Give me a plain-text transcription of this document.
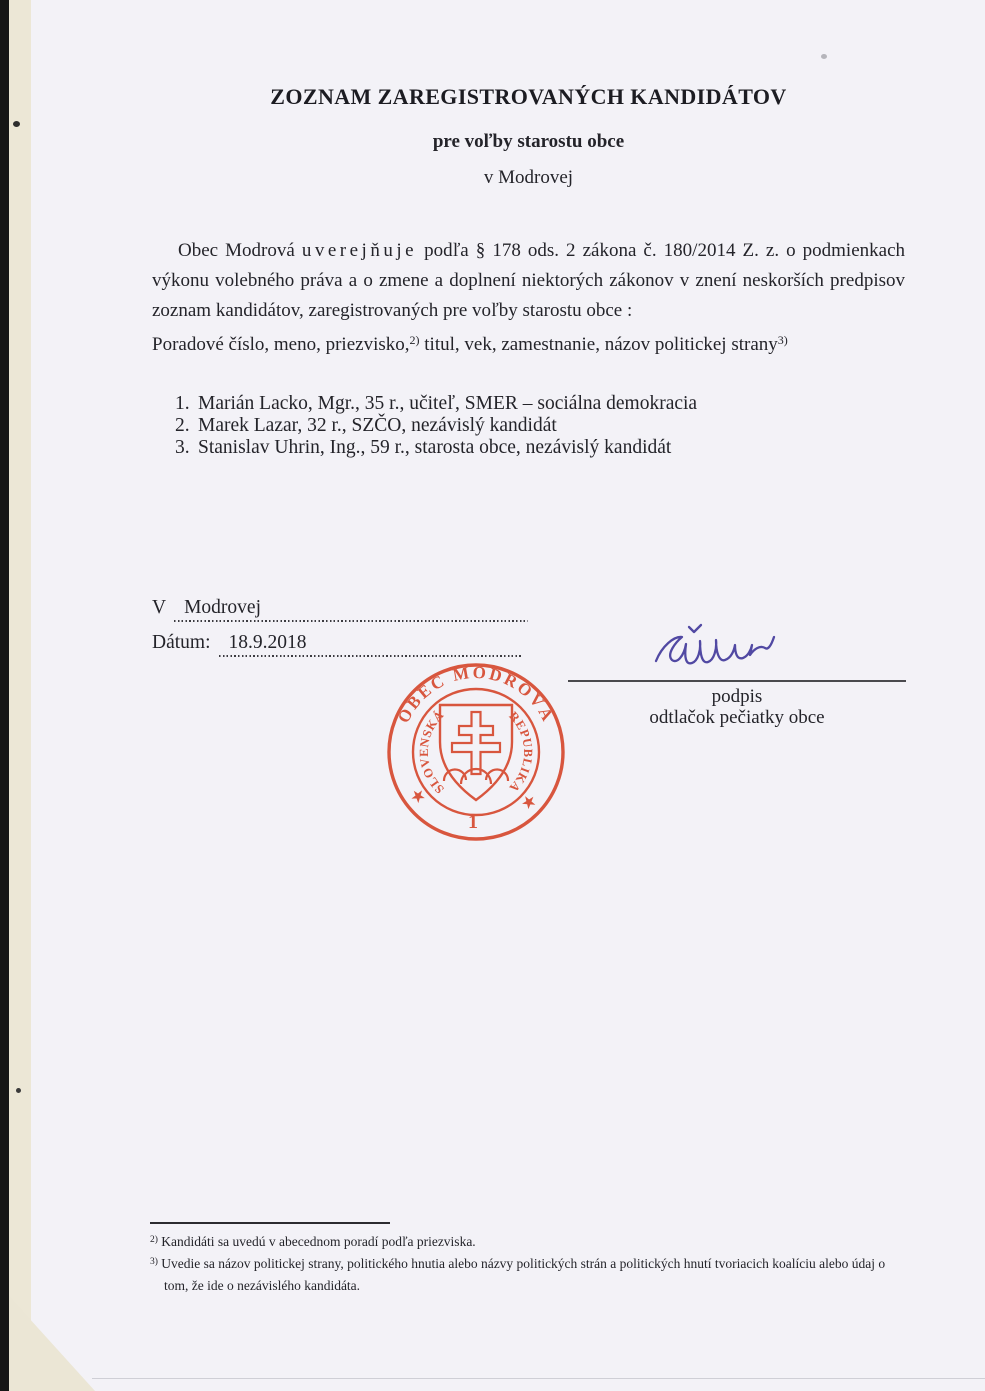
ZOZNAM ZAREGISTROVANÝCH KANDIDÁTOV
pre voľby starostu obce
v Modrovej
Obec Modrová uverejňuje podľa § 178 ods. 2 zákona č. 180/2014 Z. z. o podmienkach výkonu volebného práva a o zmene a doplnení niektorých zákonov v znení neskorších predpisov zoznam kandidátov, zaregistrovaných pre voľby starostu obce :
Poradové číslo, meno, priezvisko,$^{2)}$ titul, vek, zamestnanie, názov politickej strany$^{3)}$
1. Marián Lacko, Mgr., 35 r., učiteľ, SMER – sociálna demokracia
2. Marek Lazar, 32 r., SZČO, nezávislý kandidát
3. Stanislav Uhrin, Ing., 59 r., starosta obce, nezávislý kandidát
V Modrovej
Dátum: 18.9.2018
podpis
odtlačok pečiatky obce
OBEC MODROVÁ
SLOVENSKÁ	REPUBLIKA
★	★
1
$^{2)}$ Kandidáti sa uvedú v abecednom poradí podľa priezviska.
$^{3)}$ Uvedie sa názov politickej strany, politického hnutia alebo názvy politických strán a politických hnutí tvoriacich koalíciu alebo údaj o tom, že ide o nezávislého kandidáta.
